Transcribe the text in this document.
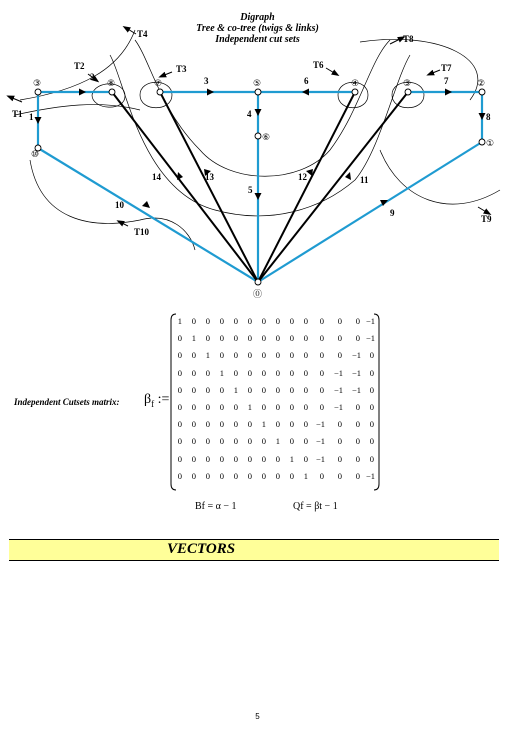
Digraph
Tree & co-tree (twigs & links)
Independent cut sets
③	⑧	⑦	⑤	④	③	②
⑥
①
⑩
⓪
1
2	3
4
5
6	7
8
9
10
11
12
13
14
T1
T2	T3
T4
T6	T7
T8
T9
T10
Independent Cutsets matrix: $\beta_f$ :=
1	0	0	0	0	0	0	0	0	0	0	0	0 −1
0	1	0	0	0	0	0	0	0	0	0	0	0 −1
0	0	1	0	0	0	0	0	0	0	0	0 −1	0
0	0	0	1	0	0	0	0	0	0	0 −1 −1	0
0	0	0	0	1	0	0	0	0	0	0 −1 −1	0
0	0	0	0	0	1	0	0	0	0	0 −1	0	0
0	0	0	0	0	0	1	0	0	0 −1	0	0	0
0	0	0	0	0	0	0	1	0	0 −1	0	0	0
0	0	0	0	0	0	0	0	1	0 −1	0	0	0
0	0	0	0	0	0	0	0	0	1	0	0	0 −1
Bf = α − 1	Qf = βt − 1
VECTORS
5
